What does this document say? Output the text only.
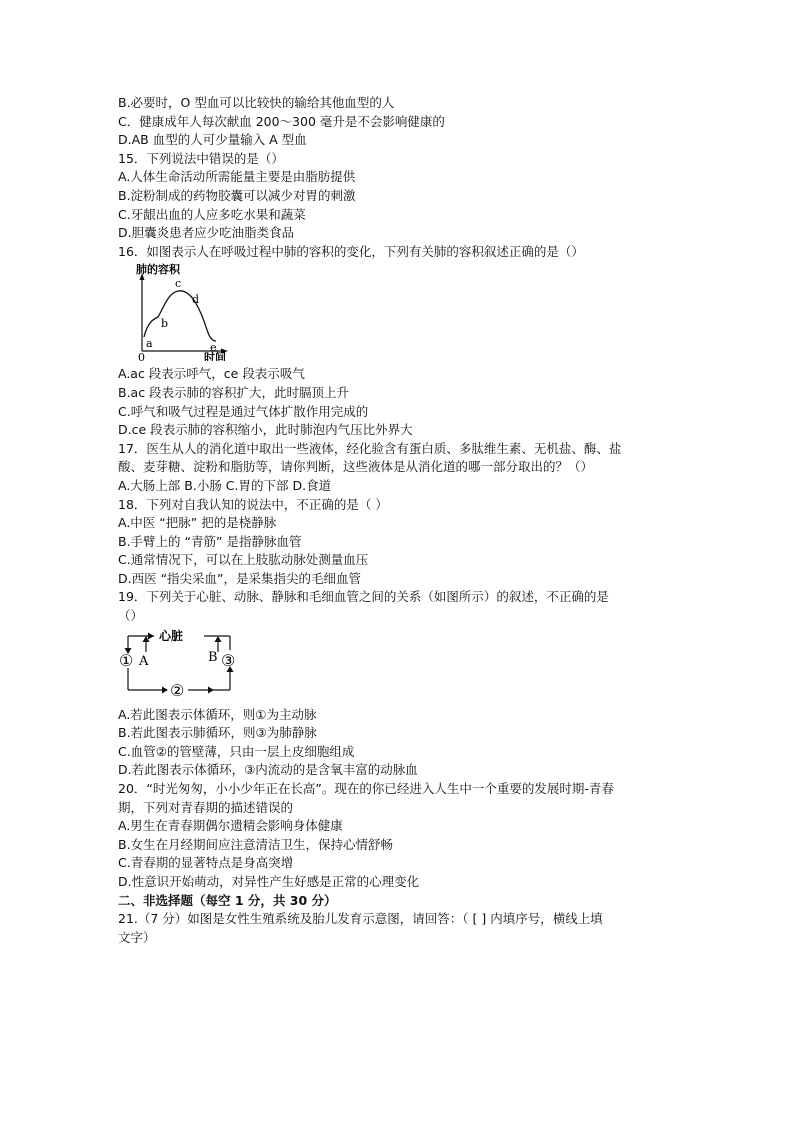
B.必要时，O 型血可以比较快的输给其他血型的人
C．健康成年人每次献血 200～300 毫升是不会影响健康的
D.AB 血型的人可少量输入 A 型血
15．下列说法中错误的是（）
A.人体生命活动所需能量主要是由脂肪提供
B.淀粉制成的药物胶囊可以减少对胃的刺激
C.牙龈出血的人应多吃水果和蔬菜
D.胆囊炎患者应少吃油脂类食品
16．如图表示人在呼吸过程中肺的容积的变化，下列有关肺的容积叙述正确的是（）
肺的容积
时间
0
a
b
c
d
e
A.ac 段表示呼气，ce 段表示吸气
B.ac 段表示肺的容积扩大，此时膈顶上升
C.呼气和吸气过程是通过气体扩散作用完成的
D.ce 段表示肺的容积缩小，此时肺泡内气压比外界大
17．医生从人的消化道中取出一些液体，经化验含有蛋白质、多肽维生素、无机盐、酶、盐
酸、麦芽糖、淀粉和脂肪等，请你判断，这些液体是从消化道的哪一部分取出的？（）
A.大肠上部 B.小肠 C.胃的下部 D.食道
18．下列对自我认知的说法中，不正确的是（ ）
A.中医 “把脉” 把的是桡静脉
B.手臂上的 “青筋” 是指静脉血管
C.通常情况下，可以在上肢肱动脉处测量血压
D.西医 “指尖采血”，是采集指尖的毛细血管
19．下列关于心脏、动脉、静脉和毛细血管之间的关系（如图所示）的叙述，不正确的是
（）
心脏
① A	B ③
②
A.若此图表示体循环，则①为主动脉
B.若此图表示肺循环，则③为肺静脉
C.血管②的管壁薄，只由一层上皮细胞组成
D.若此图表示体循环，③内流动的是含氧丰富的动脉血
20．“时光匆匆，小小少年正在长高”。现在的你已经进入人生中一个重要的发展时期-青春
期，下列对青春期的描述错误的
A.男生在青春期偶尔遗精会影响身体健康
B.女生在月经期间应注意清洁卫生，保持心情舒畅
C.青春期的显著特点是身高突增
D.性意识开始萌动，对异性产生好感是正常的心理变化
二、非选择题（每空 1 分，共 30 分）
21.（7 分）如图是女性生殖系统及胎儿发育示意图，请回答：（ [ ] 内填序号，横线上填
文字）
